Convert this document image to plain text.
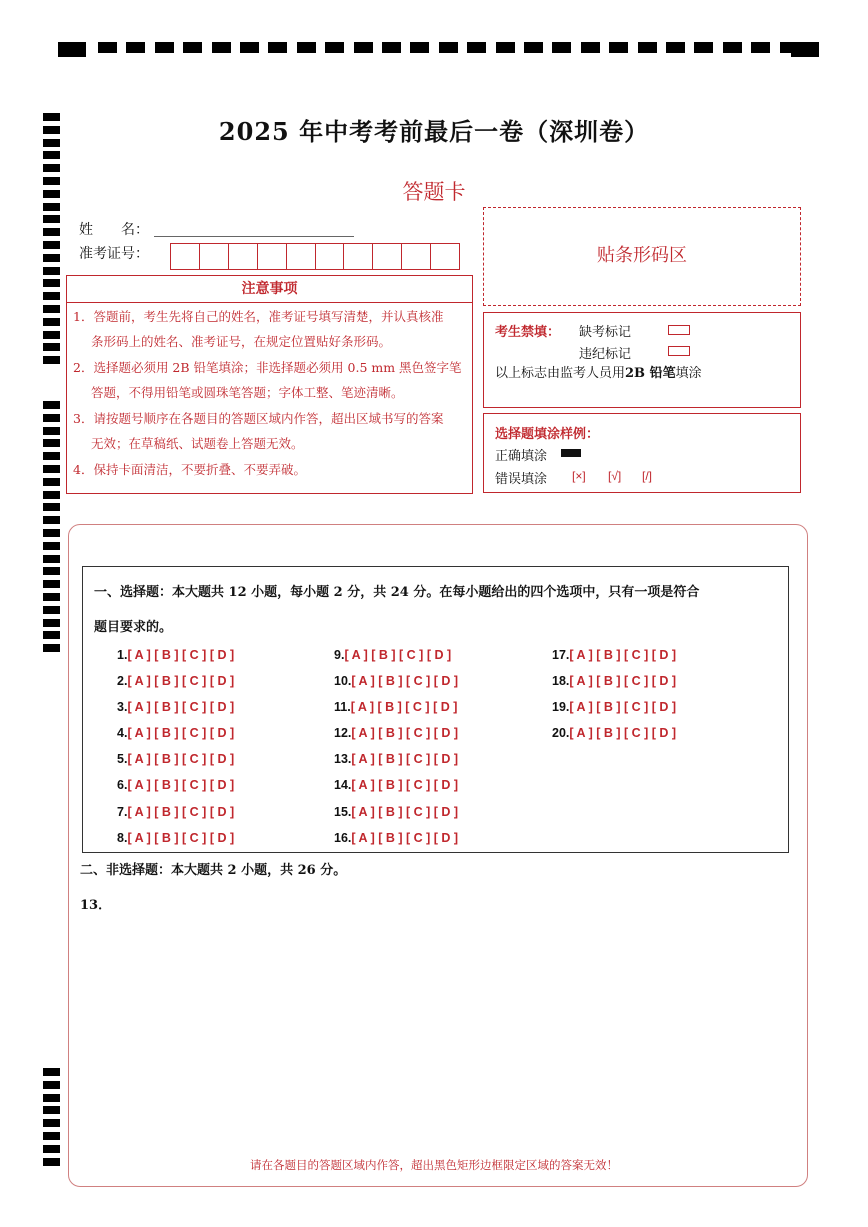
2025 年中考考前最后一卷（深圳卷）
答题卡
姓　　名：
准考证号：	贴条形码区
注意事项
1．答题前，考生先将自己的姓名，准考证号填写清楚，并认真核准
条形码上的姓名、准考证号，在规定位置贴好条形码。
2．选择题必须用 2B 铅笔填涂；非选择题必须用 0.5 mm 黑色签字笔
答题，不得用铅笔或圆珠笔答题；字体工整、笔迹清晰。
3．请按题号顺序在各题目的答题区域内作答，超出区域书写的答案
无效；在草稿纸、试题卷上答题无效。
4．保持卡面清洁，不要折叠、不要弄破。
考生禁填： 缺考标记
违纪标记
以上标志由监考人员用2B 铅笔填涂
选择题填涂样例：
正确填涂
错误填涂 [×] [√] [/]
一、选择题：本大题共 12 小题，每小题 2 分，共 24 分。在每小题给出的四个选项中，只有一项是符合
题目要求的。
1.[ A ] [ B ] [ C ] [ D ]
2.[ A ] [ B ] [ C ] [ D ]
3.[ A ] [ B ] [ C ] [ D ]
4.[ A ] [ B ] [ C ] [ D ]
5.[ A ] [ B ] [ C ] [ D ]
6.[ A ] [ B ] [ C ] [ D ]
7.[ A ] [ B ] [ C ] [ D ]
8.[ A ] [ B ] [ C ] [ D ]
9.[ A ] [ B ] [ C ] [ D ]
10.[ A ] [ B ] [ C ] [ D ]
11.[ A ] [ B ] [ C ] [ D ]
12.[ A ] [ B ] [ C ] [ D ]
13.[ A ] [ B ] [ C ] [ D ]
14.[ A ] [ B ] [ C ] [ D ]
15.[ A ] [ B ] [ C ] [ D ]
16.[ A ] [ B ] [ C ] [ D ]
17.[ A ] [ B ] [ C ] [ D ]
18.[ A ] [ B ] [ C ] [ D ]
19.[ A ] [ B ] [ C ] [ D ]
20.[ A ] [ B ] [ C ] [ D ]
二、非选择题：本大题共 2 小题，共 26 分。
13．
请在各题目的答题区域内作答，超出黑色矩形边框限定区域的答案无效！
